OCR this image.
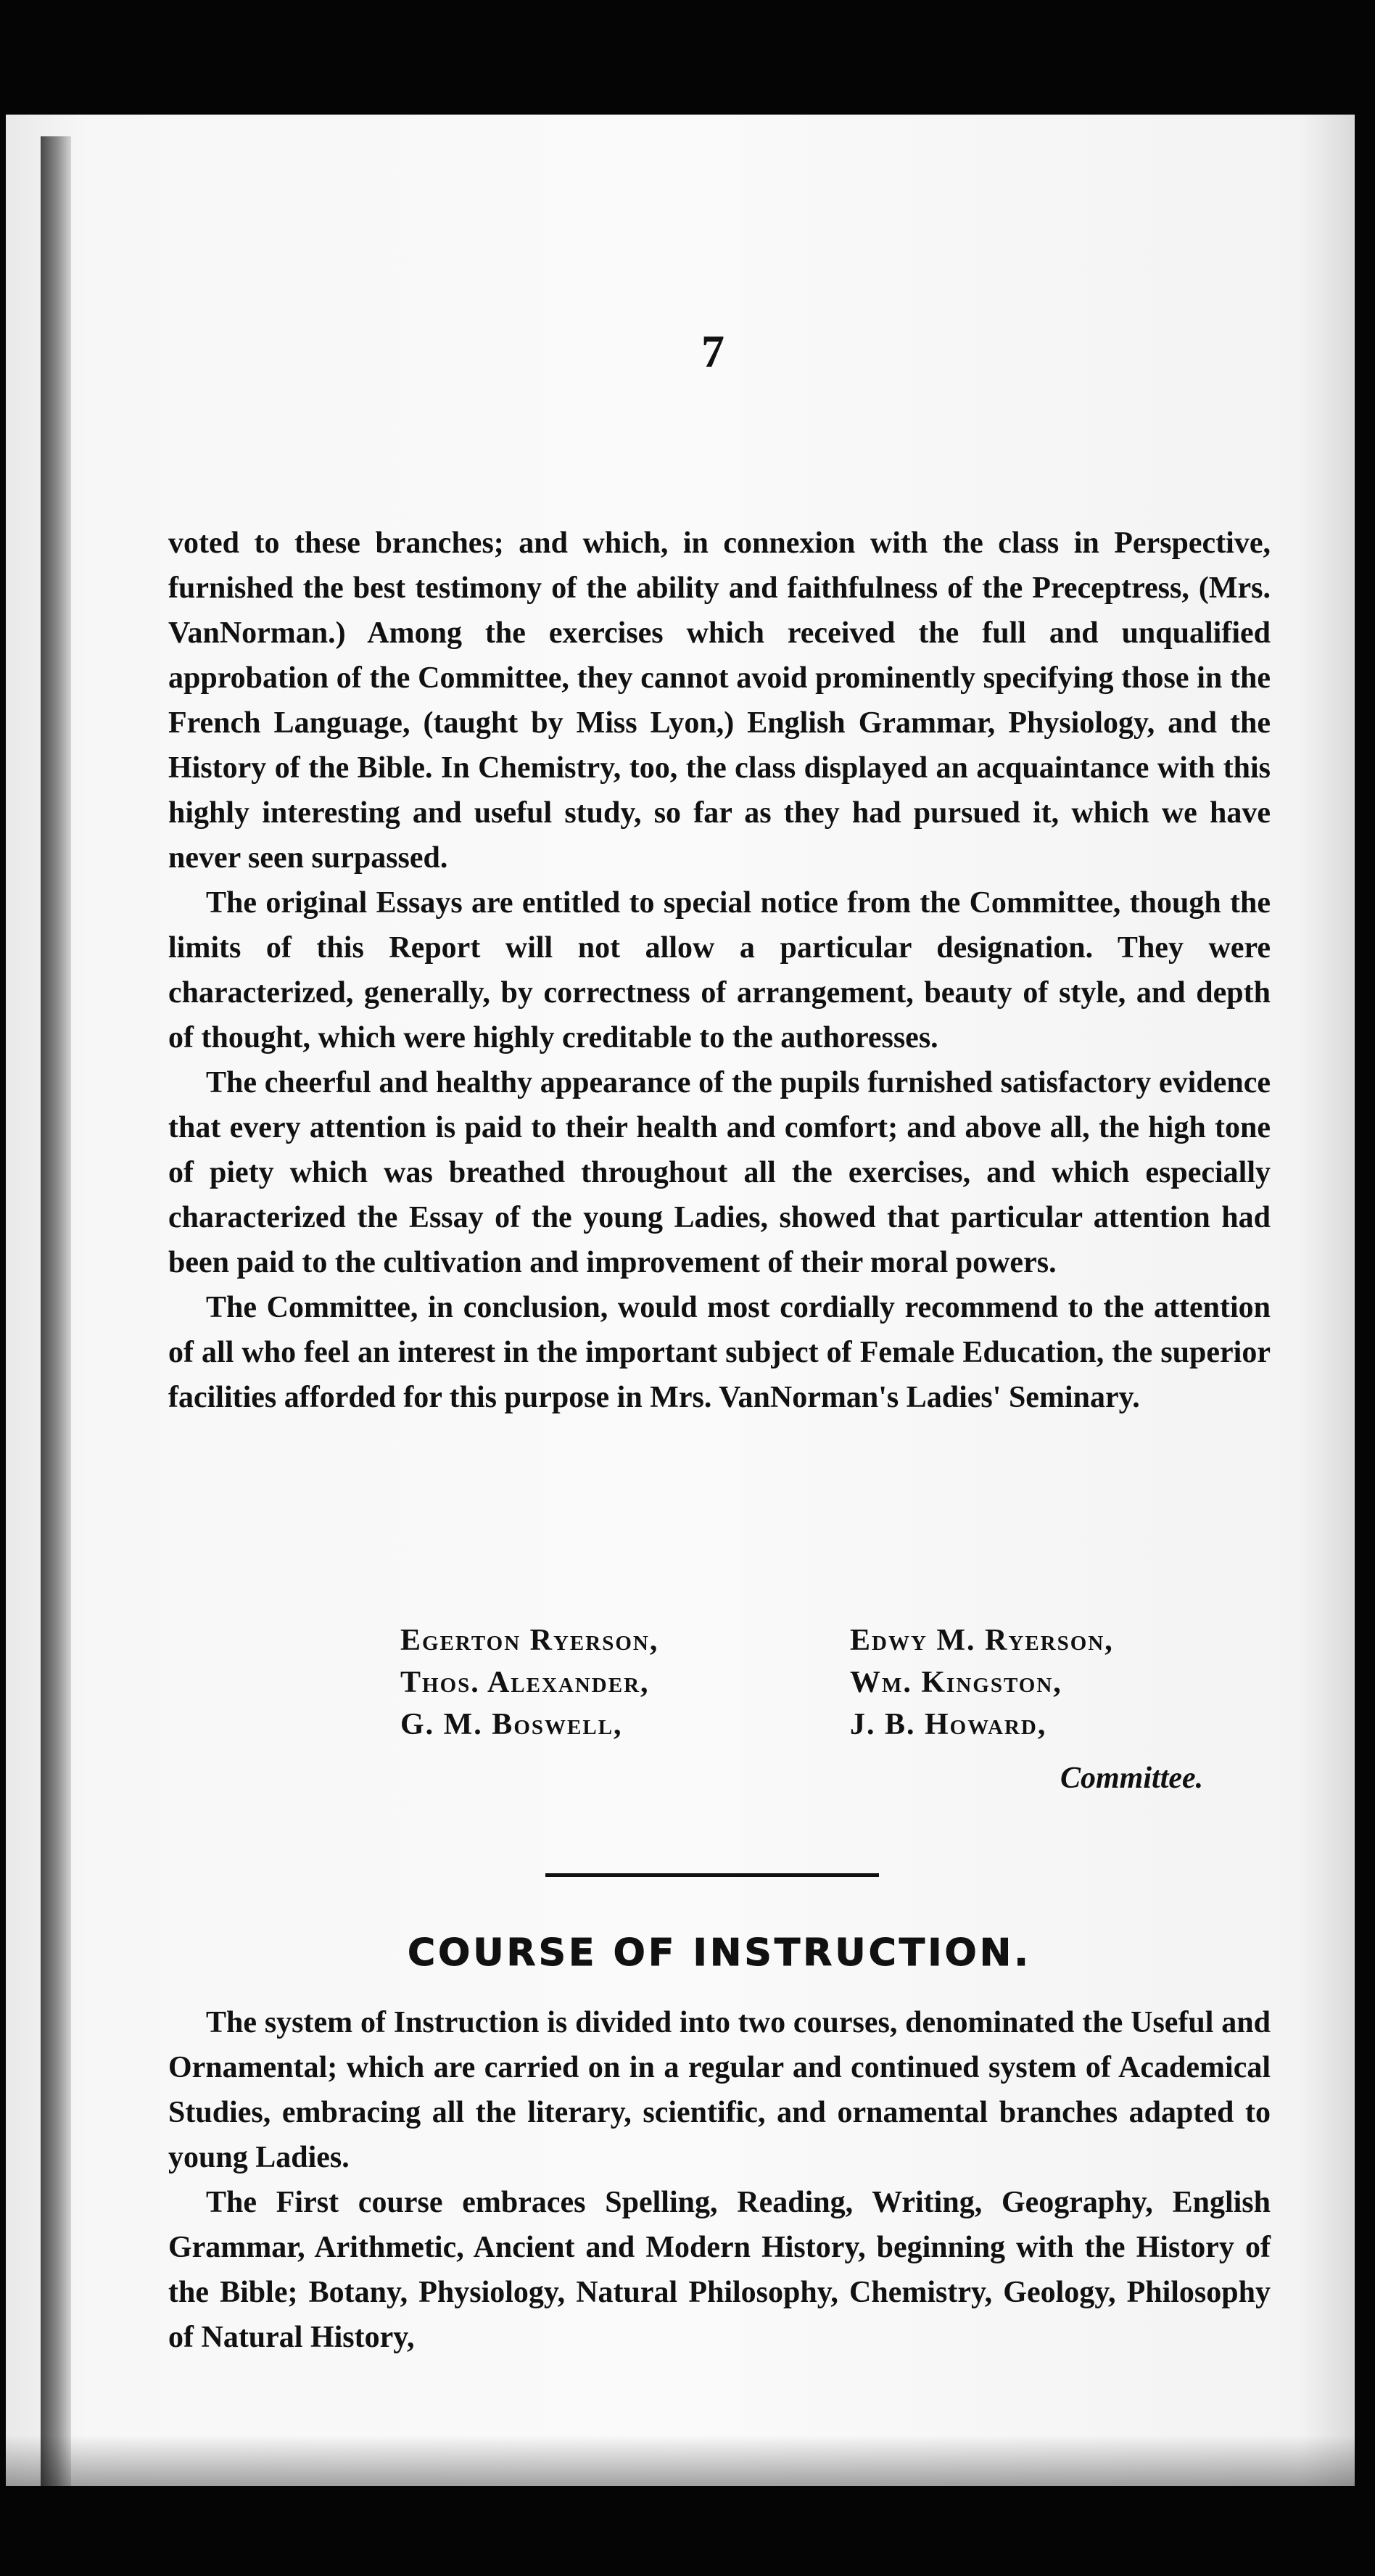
7

voted to these branches; and which, in connexion with the class in Perspective, furnished the best testimony of the ability and faithfulness of the Preceptress, (Mrs. VanNorman.) Among the exercises which received the full and unqualified approbation of the Committee, they cannot avoid prominently specifying those in the French Language, (taught by Miss Lyon,) English Grammar, Physiology, and the History of the Bible. In Chemistry, too, the class displayed an acquaintance with this highly interesting and useful study, so far as they had pursued it, which we have never seen surpassed.

The original Essays are entitled to special notice from the Committee, though the limits of this Report will not allow a particular designation. They were characterized, generally, by correctness of arrangement, beauty of style, and depth of thought, which were highly creditable to the authoresses.

The cheerful and healthy appearance of the pupils furnished satisfactory evidence that every attention is paid to their health and comfort; and above all, the high tone of piety which was breathed throughout all the exercises, and which especially characterized the Essay of the young Ladies, showed that particular attention had been paid to the cultivation and improvement of their moral powers.

The Committee, in conclusion, would most cordially recommend to the attention of all who feel an interest in the important subject of Female Education, the superior facilities afforded for this purpose in Mrs. VanNorman's Ladies' Seminary.

Egerton Ryerson,	Edwy M. Ryerson,
Thos. Alexander,	Wm. Kingston,
G. M. Boswell,	J. B. Howard,
Committee.
COURSE OF INSTRUCTION.

The system of Instruction is divided into two courses, denominated the Useful and Ornamental; which are carried on in a regular and continued system of Academical Studies, embracing all the literary, scientific, and ornamental branches adapted to young Ladies.

The First course embraces Spelling, Reading, Writing, Geography, English Grammar, Arithmetic, Ancient and Modern History, beginning with the History of the Bible; Botany, Physiology, Natural Philosophy, Chemistry, Geology, Philosophy of Natural History,
